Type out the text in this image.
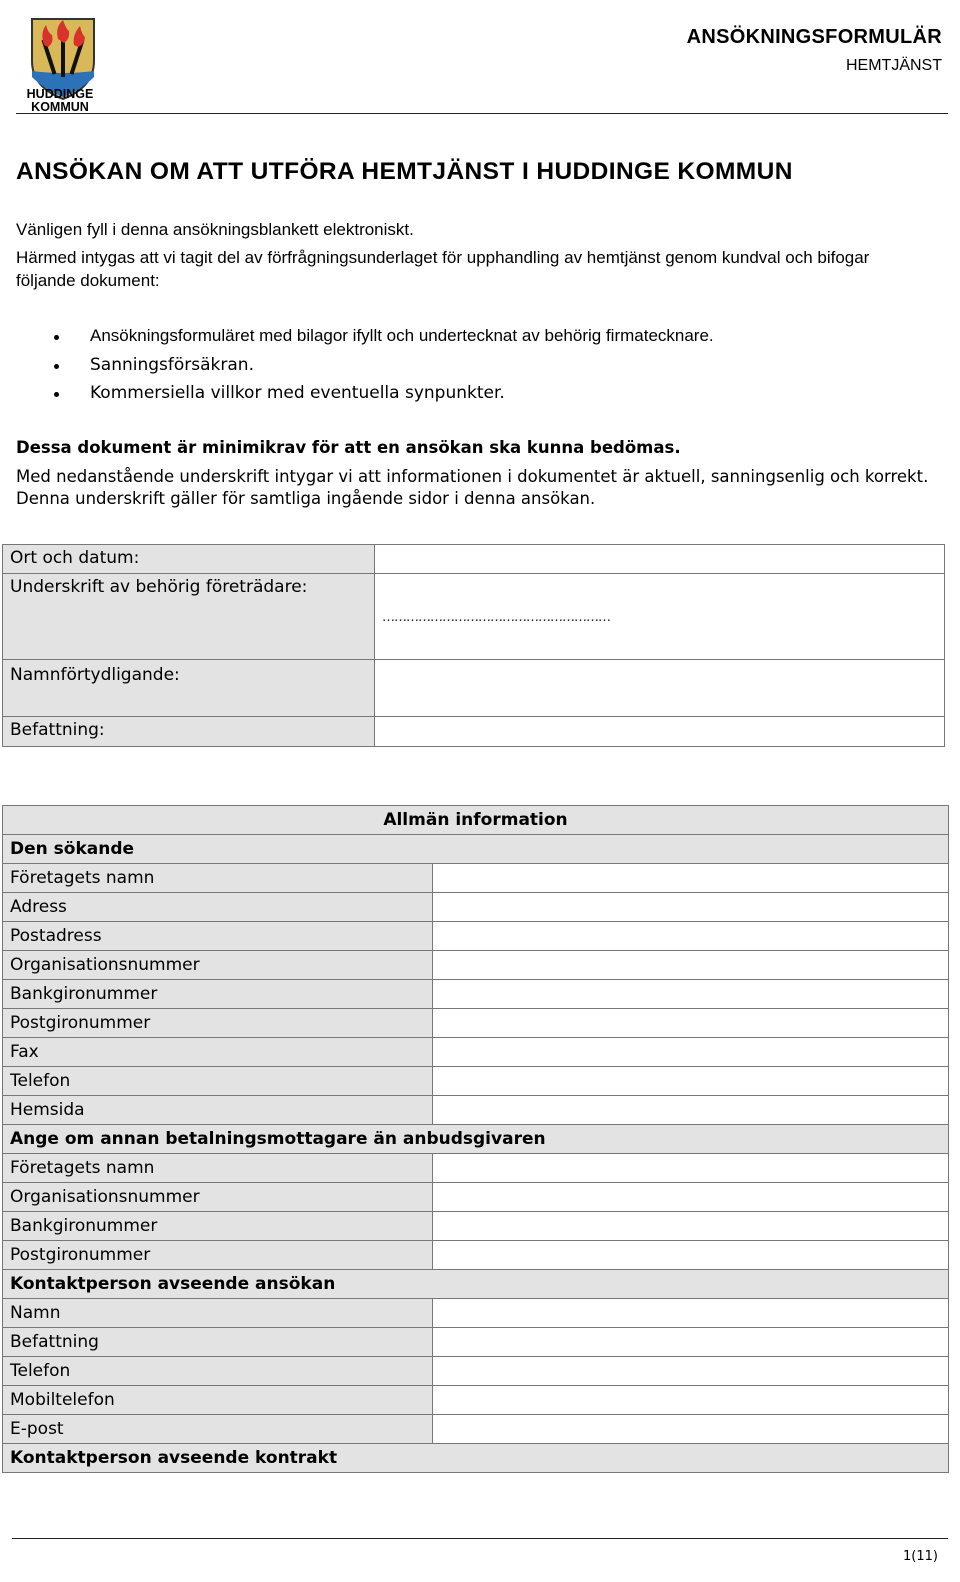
HUDDINGE
KOMMUN
ANSÖKNINGSFORMULÄR
HEMTJÄNST
ANSÖKAN OM ATT UTFÖRA HEMTJÄNST I HUDDINGE KOMMUN
Vänligen fyll i denna ansökningsblankett elektroniskt.
Härmed intygas att vi tagit del av förfrågningsunderlaget för upphandling av hemtjänst genom kundval och bifogar följande dokument:
Ansökningsformuläret med bilagor ifyllt och undertecknat av behörig firmatecknare.
Sanningsförsäkran.
Kommersiella villkor med eventuella synpunkter.
Dessa dokument är minimikrav för att en ansökan ska kunna bedömas.
Med nedanstående underskrift intygar vi att informationen i dokumentet är aktuell, sanningsenlig och korrekt. Denna underskrift gäller för samtliga ingående sidor i denna ansökan.
Ort och datum:	
Underskrift av behörig företrädare:	…………………………………………………

Namnförtydligande:	
Befattning:	
Allmän information	
Den sökande	
Företagets namn	
Adress	
Postadress	
Organisationsnummer	
Bankgironummer	
Postgironummer	
Fax	
Telefon	
Hemsida	
Ange om annan betalningsmottagare än anbudsgivaren	
Företagets namn	
Organisationsnummer	
Bankgironummer	
Postgironummer	
Kontaktperson avseende ansökan	
Namn	
Befattning	
Telefon	
Mobiltelefon	
E-post	
Kontaktperson avseende kontrakt	
1(11)
